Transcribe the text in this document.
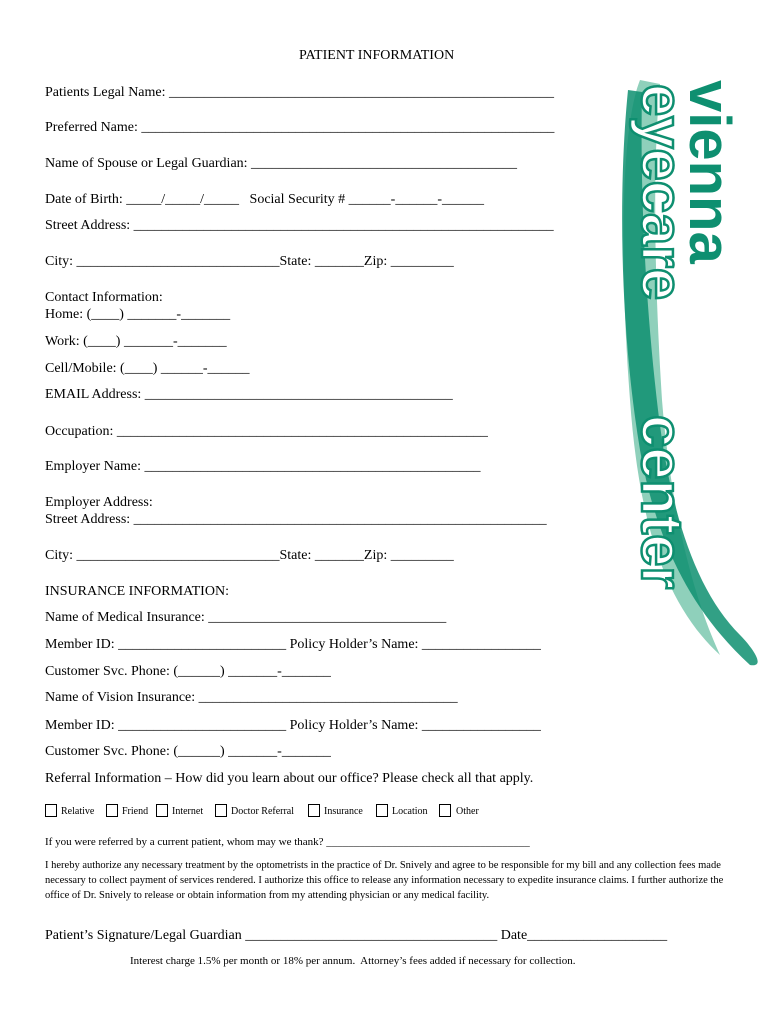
PATIENT INFORMATION
Patients Legal Name: _______________________________________________________
Preferred Name: ___________________________________________________________
Name of Spouse or Legal Guardian: ______________________________________
Date of Birth: _____/_____/_____   Social Security # ______-______-______
Street Address: ____________________________________________________________
City: _____________________________State: _______Zip: _________
Contact Information:
Home: (____) _______-_______
Work: (____) _______-_______
Cell/Mobile: (____) ______-______
EMAIL Address: ____________________________________________
Occupation: _____________________________________________________
Employer Name: ________________________________________________
Employer Address:
Street Address: ___________________________________________________________
City: _____________________________State: _______Zip: _________
INSURANCE INFORMATION:
Name of Medical Insurance: __________________________________
Member ID: ________________________ Policy Holder’s Name: _________________
Customer Svc. Phone: (______) _______-_______
Name of Vision Insurance: _____________________________________
Member ID: ________________________ Policy Holder’s Name: _________________
Customer Svc. Phone: (______) _______-_______
Referral Information – How did you learn about our office? Please check all that apply.
Relative	Friend Internet	Doctor Referral	Insurance	Location	Other
If you were referred by a current patient, whom may we thank? _____________________________________
I hereby authorize any necessary treatment by the optometrists in the practice of Dr. Snively and agree to be responsible for my bill and any collection fees made necessary to collect payment of services rendered. I authorize this office to release any information necessary to expedite insurance claims. I further authorize the office of Dr. Snively to release or obtain information from my attending physician or any medical facility.
Patient’s Signature/Legal Guardian ____________________________________ Date____________________
Interest charge 1.5% per month or 18% per annum.  Attorney’s fees added if necessary for collection.
vienna
eyecare
center
